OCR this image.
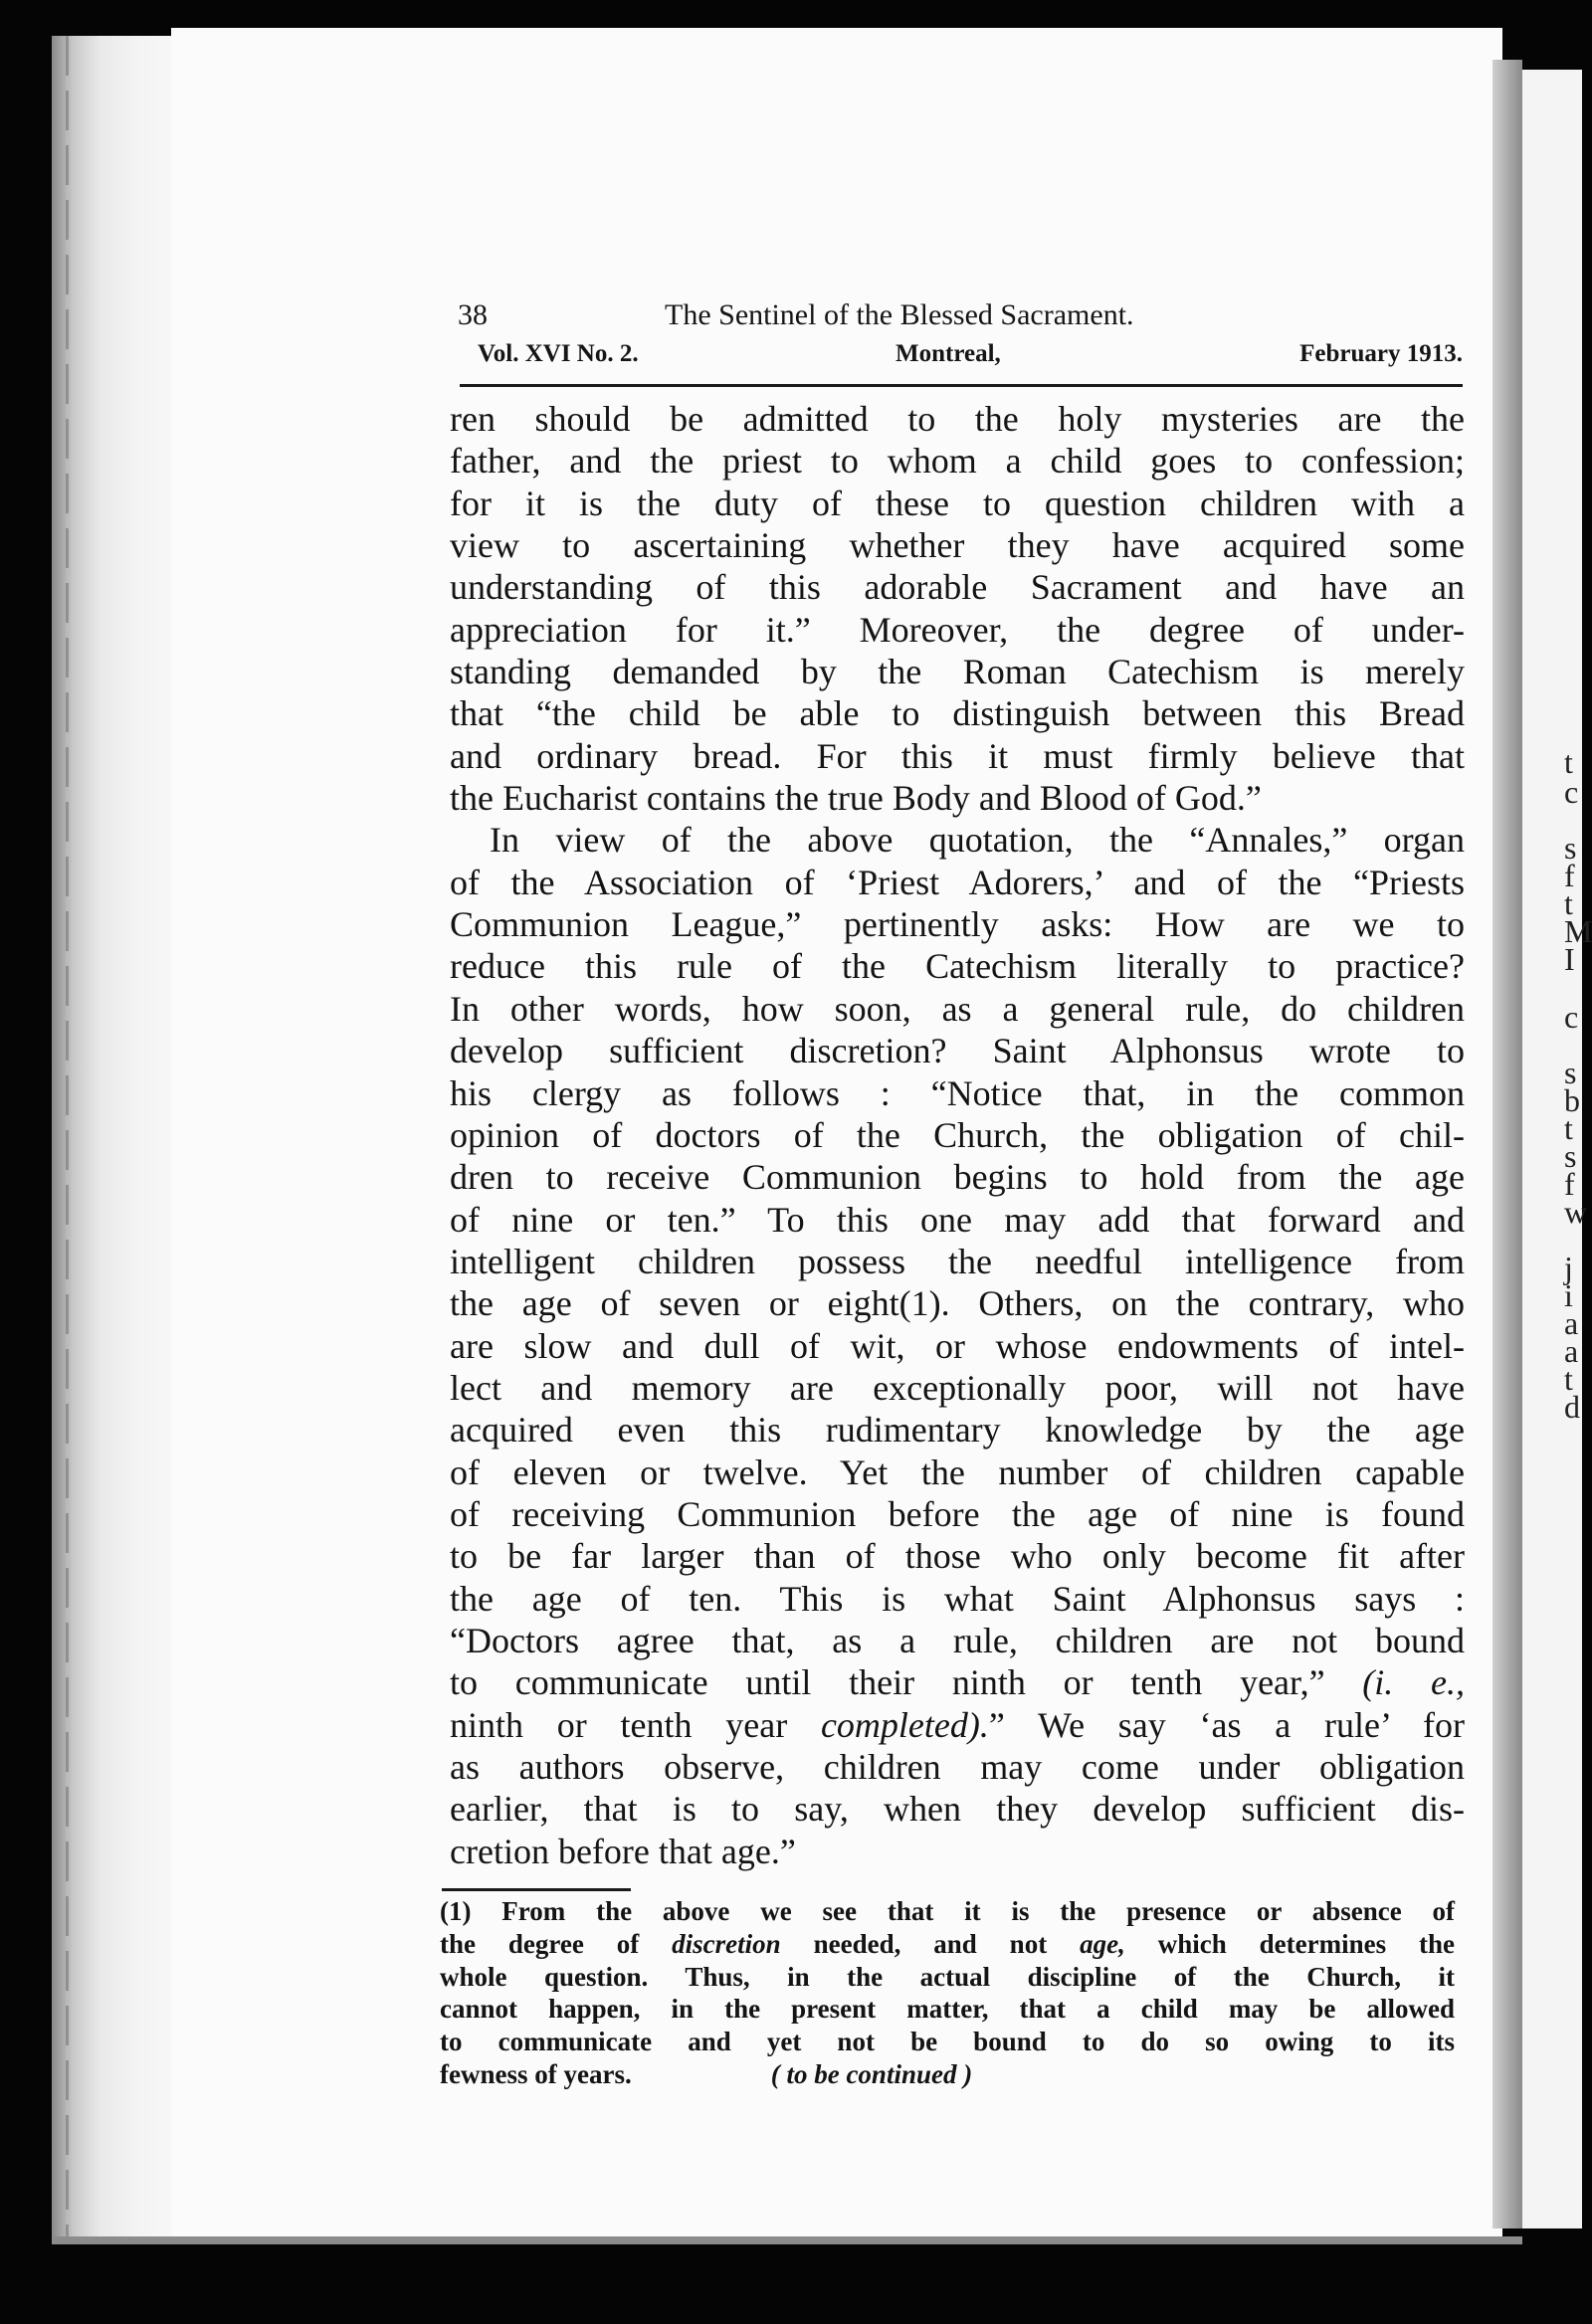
t
c
s
f
t
M
I
c
s
b
t
s
f
w
j
i
a
a
t
d
38	The Sentinel of the Blessed Sacrament.
Vol. XVI No. 2.	Montreal,	February 1913.
ren should be admitted to the holy mysteries are the
father, and the priest to whom a child goes to confession;
for it is the duty of these to question children with a
view to ascertaining whether they have acquired some
understanding of this adorable Sacrament and have an
appreciation for it.” Moreover, the degree of under-
standing demanded by the Roman Catechism is merely
that “the child be able to distinguish between this Bread
and ordinary bread. For this it must firmly believe that
the Eucharist contains the true Body and Blood of God.”
In view of the above quotation, the “Annales,” organ
of the Association of ‘Priest Adorers,’ and of the “Priests
Communion League,” pertinently asks: How are we to
reduce this rule of the Catechism literally to practice?
In other words, how soon, as a general rule, do children
develop sufficient discretion? Saint Alphonsus wrote to
his clergy as follows : “Notice that, in the common
opinion of doctors of the Church, the obligation of chil-
dren to receive Communion begins to hold from the age
of nine or ten.” To this one may add that forward and
intelligent children possess the needful intelligence from
the age of seven or eight(1). Others, on the contrary, who
are slow and dull of wit, or whose endowments of intel-
lect and memory are exceptionally poor, will not have
acquired even this rudimentary knowledge by the age
of eleven or twelve. Yet the number of children capable
of receiving Communion before the age of nine is found
to be far larger than of those who only become fit after
the age of ten. This is what Saint Alphonsus says :
“Doctors agree that, as a rule, children are not bound
to communicate until their ninth or tenth year,” (i. e.,
ninth or tenth year completed).” We say ‘as a rule’ for
as authors observe, children may come under obligation
earlier, that is to say, when they develop sufficient dis-
cretion before that age.”
(1) From the above we see that it is the presence or absence of
the degree of discretion needed, and not age, which determines the
whole question. Thus, in the actual discipline of the Church, it
cannot happen, in the present matter, that a child may be allowed
to communicate and yet not be bound to do so owing to its
fewness of years.	( to be continued )
